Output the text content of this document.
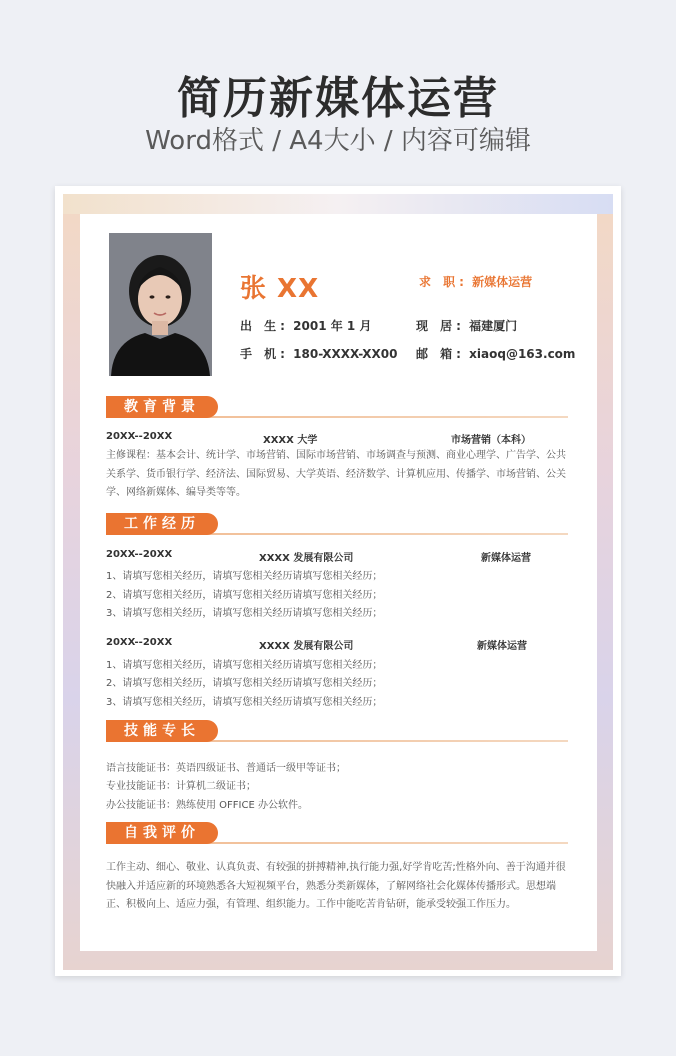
简历新媒体运营
Word格式 / A4大小 / 内容可编辑
张 XX	求 职: 新媒体运营
出 生: 2001 年 1 月	现 居: 福建厦门
手 机: 180-XXXX-XX00 邮 箱: xiaoq@163.com
教育背景
20XX--20XX	XXXX 大学	市场营销（本科）
主修课程：基本会计、统计学、市场营销、国际市场营销、市场调查与预测、商业心理学、广告学、公共关系学、货币银行学、经济法、国际贸易、大学英语、经济数学、计算机应用、传播学、市场营销、公关学、网络新媒体、编导类等等。
工作经历
20XX--20XX	XXXX 发展有限公司	新媒体运营
1、请填写您相关经历，请填写您相关经历请填写您相关经历；
2、请填写您相关经历，请填写您相关经历请填写您相关经历；
3、请填写您相关经历，请填写您相关经历请填写您相关经历；
20XX--20XX	XXXX 发展有限公司	新媒体运营
1、请填写您相关经历，请填写您相关经历请填写您相关经历；
2、请填写您相关经历，请填写您相关经历请填写您相关经历；
3、请填写您相关经历，请填写您相关经历请填写您相关经历；
技能专长
语言技能证书：英语四级证书、普通话一级甲等证书；
专业技能证书：计算机二级证书；
办公技能证书：熟练使用 OFFICE 办公软件。
自我评价
工作主动、细心、敬业、认真负责、有较强的拼搏精神,执行能力强,好学肯吃苦;性格外向、善于沟通并很快融入并适应新的环境熟悉各大短视频平台，熟悉分类新媒体，了解网络社会化媒体传播形式。思想端正、积极向上、适应力强，有管理、组织能力。工作中能吃苦肯钻研，能承受较强工作压力。
